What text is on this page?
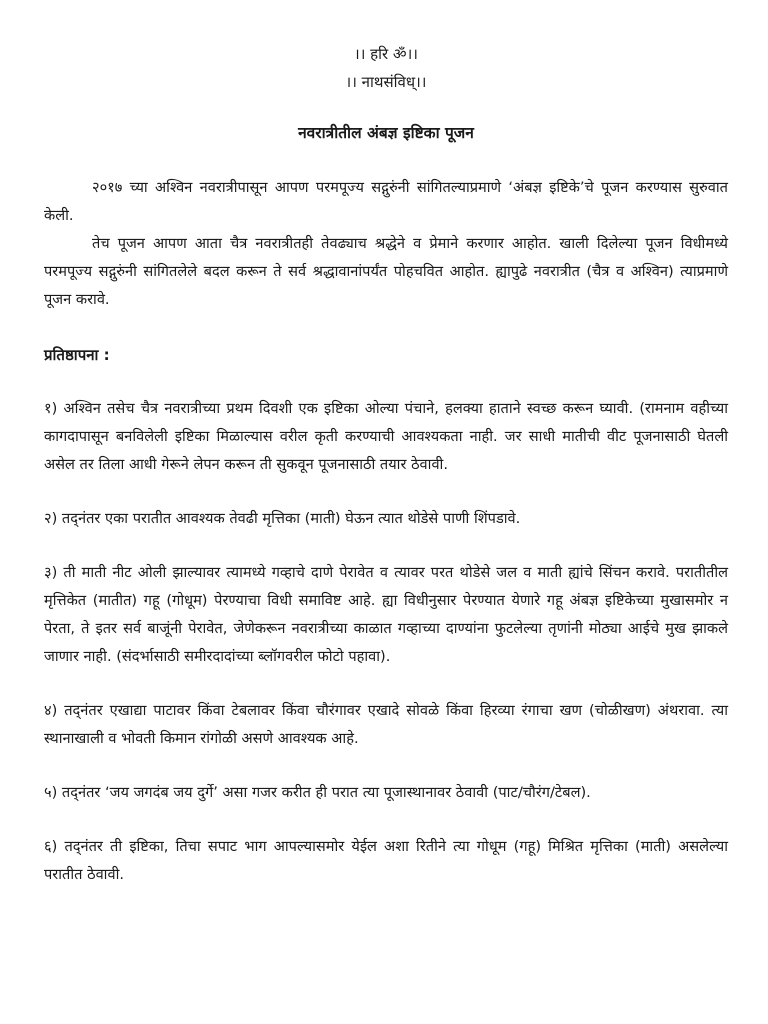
।। हरि ॐ।।
।। नाथसंविध्।।
नवरात्रीतील अंबज्ञ इष्टिका पूजन

२०१७ च्या अश्विन नवरात्रीपासून आपण परमपूज्य सद्गुरुंनी सांगितल्याप्रमाणे ‘अंबज्ञ इष्टिके’चे पूजन करण्यास सुरुवात केली.

तेच पूजन आपण आता चैत्र नवरात्रीतही तेवढ्याच श्रद्धेने व प्रेमाने करणार आहोत. खाली दिलेल्या पूजन विधीमध्ये परमपूज्य सद्गुरुंनी सांगितलेले बदल करून ते सर्व श्रद्धावानांपर्यंत पोहचवित आहोत. ह्यापुढे नवरात्रीत (चैत्र व अश्विन) त्याप्रमाणे पूजन करावे.

प्रतिष्ठापना :

१) अश्विन तसेच चैत्र नवरात्रीच्या प्रथम दिवशी एक इष्टिका ओल्या पंचाने, हलक्या हाताने स्वच्छ करून घ्यावी. (रामनाम वहीच्या कागदापासून बनविलेली इष्टिका मिळाल्यास वरील कृती करण्याची आवश्यकता नाही. जर साधी मातीची वीट पूजनासाठी घेतली असेल तर तिला आधी गेरूने लेपन करून ती सुकवून पूजनासाठी तयार ठेवावी.

२) तद्नंतर एका परातीत आवश्यक तेवढी मृत्तिका (माती) घेऊन त्यात थोडेसे पाणी शिंपडावे.

३) ती माती नीट ओली झाल्यावर त्यामध्ये गव्हाचे दाणे पेरावेत व त्यावर परत थोडेसे जल व माती ह्यांचे सिंचन करावे. परातीतील मृत्तिकेत (मातीत) गहू (गोधूम) पेरण्याचा विधी समाविष्ट आहे. ह्या विधीनुसार पेरण्यात येणारे गहू अंबज्ञ इष्टिकेच्या मुखासमोर न पेरता, ते इतर सर्व बाजूंनी पेरावेत, जेणेकरून नवरात्रीच्या काळात गव्हाच्या दाण्यांना फुटलेल्या तृणांनी मोठ्या आईचे मुख झाकले जाणार नाही. (संदर्भासाठी समीरदादांच्या ब्लॉगवरील फोटो पहावा).

४) तद्नंतर एखाद्या पाटावर किंवा टेबलावर किंवा चौरंगावर एखादे सोवळे किंवा हिरव्या रंगाचा खण (चोळीखण) अंथरावा. त्या स्थानाखाली व भोवती किमान रांगोळी असणे आवश्यक आहे.

५) तद्नंतर ‘जय जगदंब जय दुर्गे’ असा गजर करीत ही परात त्या पूजास्थानावर ठेवावी (पाट/चौरंग/टेबल).

६) तद्नंतर ती इष्टिका, तिचा सपाट भाग आपल्यासमोर येईल अशा रितीने त्या गोधूम (गहू) मिश्रित मृत्तिका (माती) असलेल्या परातीत ठेवावी.
